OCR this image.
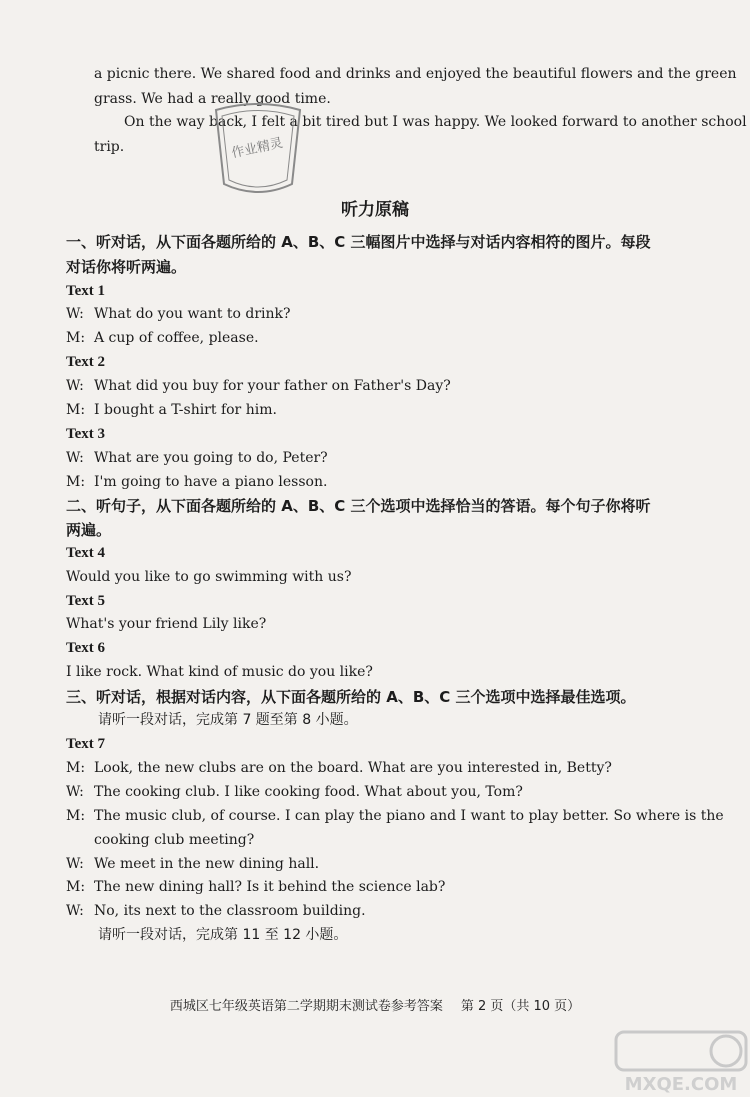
a picnic there. We shared food and drinks and enjoyed the beautiful flowers and the green
grass. We had a really good time.
On the way back, I felt a bit tired but I was happy. We looked forward to another school
trip.	作业精灵
听力原稿
一、听对话，从下面各题所给的 A、B、C 三幅图片中选择与对话内容相符的图片。每段
对话你将听两遍。
Text 1
W: What do you want to drink?
M: A cup of coffee, please.
Text 2
W: What did you buy for your father on Father's Day?
M: I bought a T-shirt for him.
Text 3
W: What are you going to do, Peter?
M: I'm going to have a piano lesson.
二、听句子，从下面各题所给的 A、B、C 三个选项中选择恰当的答语。每个句子你将听
两遍。
Text 4
Would you like to go swimming with us?
Text 5
What's your friend Lily like?
Text 6
I like rock. What kind of music do you like?
三、听对话，根据对话内容，从下面各题所给的 A、B、C 三个选项中选择最佳选项。
请听一段对话，完成第 7 题至第 8 小题。
Text 7
M: Look, the new clubs are on the board. What are you interested in, Betty?
W: The cooking club. I like cooking food. What about you, Tom?
M: The music club, of course. I can play the piano and I want to play better. So where is the
cooking club meeting?
W: We meet in the new dining hall.
M: The new dining hall? Is it behind the science lab?
W: No, its next to the classroom building.
请听一段对话，完成第 11 至 12 小题。
西城区七年级英语第二学期期末测试卷参考答案 第 2 页（共 10 页）
MXQE.COM
